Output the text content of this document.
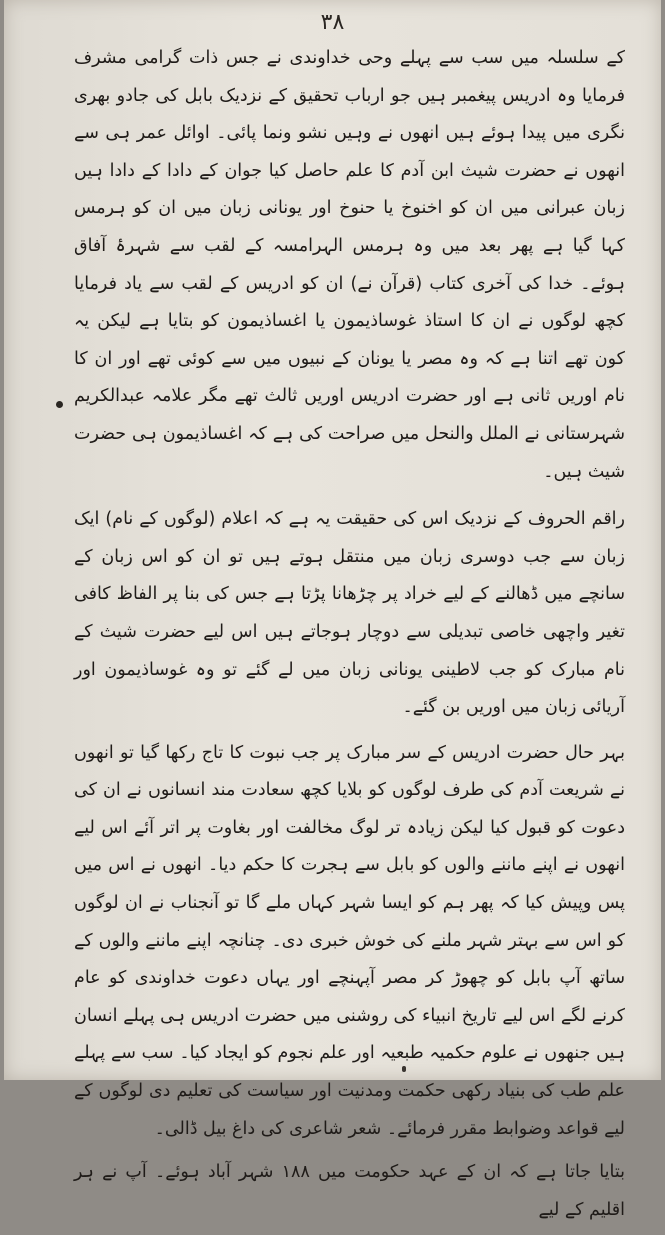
۳۸

کے سلسلہ میں سب سے پہلے وحی خداوندی نے جس ذات گرامی مشرف فرمایا وہ ادریس پیغمبر ہیں جو ارباب تحقیق کے نزدیک بابل کی جادو بھری نگری میں پیدا ہوئے ہیں انھوں نے وہیں نشو ونما پائی۔ اوائل عمر ہی سے انھوں نے حضرت شیث ابن آدم کا علم حاصل کیا جوان کے دادا کے دادا ہیں زبان عبرانی میں ان کو اخنوخ یا حنوخ اور یونانی زبان میں ان کو ہرمس کہا گیا ہے پھر بعد میں وہ ہرمس الہرامسہ کے لقب سے شہرۂ آفاق ہوئے۔ خدا کی آخری کتاب (قرآن نے) ان کو ادریس کے لقب سے یاد فرمایا کچھ لوگوں نے ان کا استاذ غوساذیمون یا اغساذیمون کو بتایا ہے لیکن یہ کون تھے اتنا ہے کہ وہ مصر یا یونان کے نبیوں میں سے کوئی تھے اور ان کا نام اوریں ثانی ہے اور حضرت ادریس اوریں ثالث تھے مگر علامہ عبدالکریم شہرستانی نے الملل والنحل میں صراحت کی ہے کہ اغساذیمون ہی حضرت شیث ہیں۔

راقم الحروف کے نزدیک اس کی حقیقت یہ ہے کہ اعلام (لوگوں کے نام) ایک زبان سے جب دوسری زبان میں منتقل ہوتے ہیں تو ان کو اس زبان کے سانچے میں ڈھالنے کے لیے خراد پر چڑھانا پڑتا ہے جس کی بنا پر الفاظ کافی تغیر واچھی خاصی تبدیلی سے دوچار ہوجاتے ہیں اس لیے حضرت شیث کے نام مبارک کو جب لاطینی یونانی زبان میں لے گئے تو وہ غوساذیمون اور آریائی زبان میں اوریں بن گئے۔

بہر حال حضرت ادریس کے سر مبارک پر جب نبوت کا تاج رکھا گیا تو انھوں نے شریعت آدم کی طرف لوگوں کو بلایا کچھ سعادت مند انسانوں نے ان کی دعوت کو قبول کیا لیکن زیادہ تر لوگ مخالفت اور بغاوت پر اتر آئے اس لیے انھوں نے اپنے ماننے والوں کو بابل سے ہجرت کا حکم دیا۔ انھوں نے اس میں پس وپیش کیا کہ پھر ہم کو ایسا شہر کہاں ملے گا تو آنجناب نے ان لوگوں کو اس سے بہتر شہر ملنے کی خوش خبری دی۔ چنانچہ اپنے ماننے والوں کے ساتھ آپ بابل کو چھوڑ کر مصر آپہنچے اور یہاں دعوت خداوندی کو عام کرنے لگے اس لیے تاریخ انبیاء کی روشنی میں حضرت ادریس ہی پہلے انسان ہیں جنھوں نے علوم حکمیہ طبعیہ اور علم نجوم کو ایجاد کیا۔ سب سے پہلے علم طب کی بنیاد رکھی حکمت ومدنیت اور سیاست کی تعلیم دی لوگوں کے لیے قواعد وضوابط مقرر فرمائے۔ شعر شاعری کی داغ بیل ڈالی۔

بتایا جاتا ہے کہ ان کے عہد حکومت میں ۱۸۸ شہر آباد ہوئے۔ آپ نے ہر اقلیم کے لیے
